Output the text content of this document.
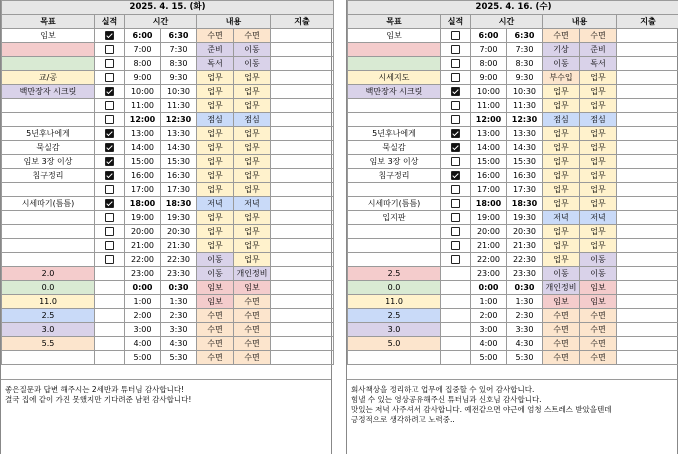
2025. 4. 15. (화)						
목표	실적	시간		내용		지출
임보		6:00	6:30	수면	수면	
		7:00	7:30	준비	이동	
		8:00	8:30	독서	이동	
교/공		9:00	9:30	업무	업무	
백만장자 시크릿		10:00	10:30	업무	업무	
		11:00	11:30	업무	업무	
		12:00	12:30	점심	점심	
5년후나에게		13:00	13:30	업무	업무	
묵실감		14:00	14:30	업무	업무	
임보 3장 이상		15:00	15:30	업무	업무	
침구정리		16:00	16:30	업무	업무	
		17:00	17:30	업무	업무	
시세따기(틈틈)		18:00	18:30	저녁	저녁	
		19:00	19:30	업무	업무	
		20:00	20:30	업무	업무	
		21:00	21:30	업무	업무	
		22:00	22:30	이동	업무	
2.0		23:00	23:30	이동	개인정비	
0.0		0:00	0:30	임보	임보	
11.0		1:00	1:30	임보	수면	
2.5		2:00	2:30	수면	수면	
3.0		3:00	3:30	수면	수면	
5.5		4:00	4:30	수면	수면	
		5:00	5:30	수면	수면	
좋은질문과 답변 해주시는 2세반과 튜터님 감사합니다!
결국 집에 같이 가진 못했지만 기다려준 남편 감사합니다!
2025. 4. 16. (수)						
목표	실적	시간		내용		지출
임보		6:00	6:30	수면	수면	
		7:00	7:30	기상	준비	
		8:00	8:30	이동	독서	
시세지도		9:00	9:30	부수입	업무	
백만장자 시크릿		10:00	10:30	업무	업무	
		11:00	11:30	업무	업무	
		12:00	12:30	점심	점심	
5년후나에게		13:00	13:30	업무	업무	
묵실감		14:00	14:30	업무	업무	
임보 3장 이상		15:00	15:30	업무	업무	
침구정리		16:00	16:30	업무	업무	
		17:00	17:30	업무	업무	
시세따기(틈틈)		18:00	18:30	업무	업무	
입지판		19:00	19:30	저녁	저녁	
		20:00	20:30	업무	업무	
		21:00	21:30	업무	업무	
		22:00	22:30	업무	이동	
2.5		23:00	23:30	이동	이동	
0.0		0:00	0:30	개인정비	임보	
11.0		1:00	1:30	임보	임보	
2.5		2:00	2:30	수면	수면	
3.0		3:00	3:30	수면	수면	
5.0		4:00	4:30	수면	수면	
		5:00	5:30	수면	수면	
회사책상을 정리하고 업무에 집중할 수 있어 감사합니다.
힘낼 수 있는 영상공유해주신 튜터님과 신호님 감사합니다.
맛있는 저녁 사주셔서 감사합니다. 예전같으면 야근에 엄청 스트레스 받았을텐데
긍정적으로 생각하려고 노력중..
